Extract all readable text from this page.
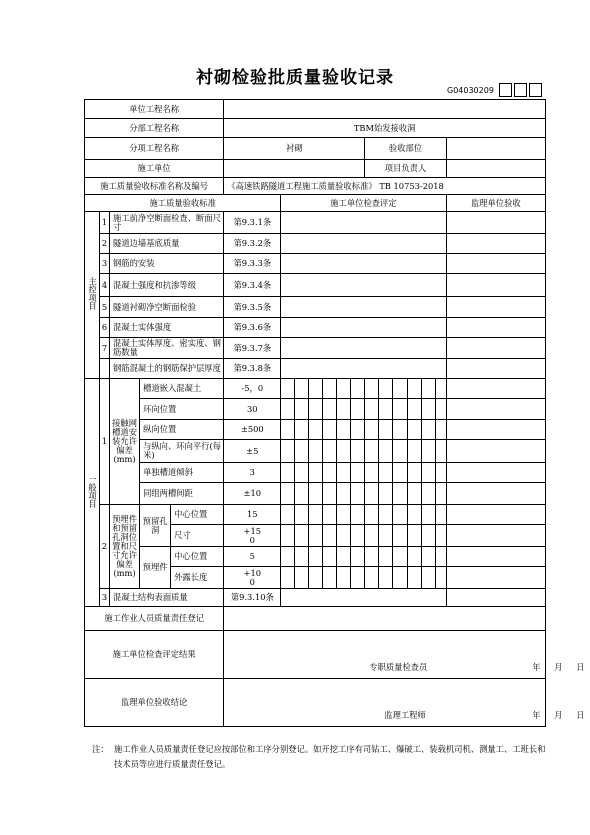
衬砌检验批质量验收记录
G04030209
单位工程名称																		
分部工程名称					TBM始发接收洞													
分项工程名称					衬砌							验收部位						
施工单位												项目负责人						
施工质量验收标准名称及编号					《高速铁路隧道工程施工质量验收标准》 TB 10753-2018													
施工质量验收标准						施工单位检查评定												监理单位验收
主控项目	1	施工前净空断面检查、断面尺寸			第9.3.1条													
	2	隧道边墙基底质量			第9.3.2条													
	3	钢筋的安装			第9.3.3条													
	4	混凝土强度和抗渗等级			第9.3.4条													
	5	隧道衬砌净空断面检验			第9.3.5条													
	6	混凝土实体强度			第9.3.6条													
	7	混凝土实体厚度、密实度、钢筋数量			第9.3.7条													
		钢筋混凝土的钢筋保护层厚度			第9.3.8条													
一般项目	1	接触网槽道安装允许偏差(mm)	槽道嵌入混凝土		-5，0													
			环向位置		30													
			纵向位置		±500													
			与纵向、环向平行(每米)		±5													
			单独槽道倾斜		3													
			同组两槽间距		±10													
	2	预埋件和预留孔洞位置和尺寸允许偏差(mm)	预留孔洞	中心位置	15													
				尺寸	+15
0													
			预埋件	中心位置	5													
				外露长度	+10
0													
	3	混凝土结构表面质量			第9.3.10条													
施工作业人员质量责任登记																		
施工单位检查评定结果					专职质量检查员 年 月 日													

监理单位验收结论					监理工程师 年 月 日													
注： 施工作业人员质量责任登记应按部位和工序分别登记。如开挖工序有司钻工、爆破工、装载机司机、测量工、工班长和技术员等应进行质量责任登记。
